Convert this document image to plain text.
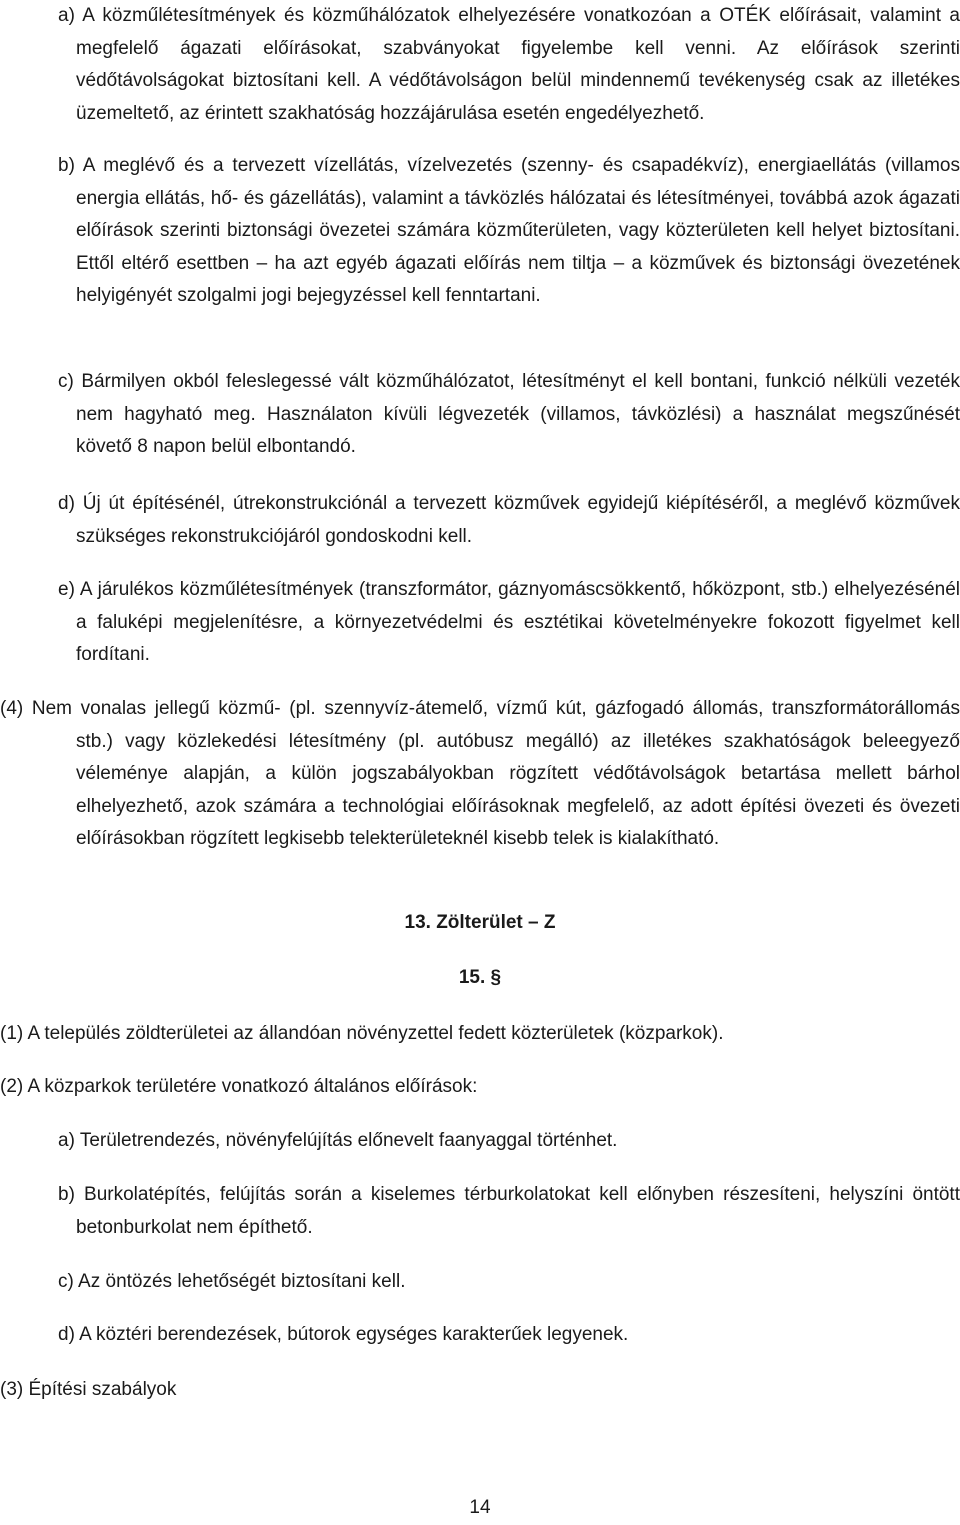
a) A közműlétesítmények és közműhálózatok elhelyezésére vonatkozóan a OTÉK előírásait, valamint a megfelelő ágazati előírásokat, szabványokat figyelembe kell venni. Az előírások szerinti védőtávolságokat biztosítani kell. A védőtávolságon belül mindennemű tevékenység csak az illetékes üzemeltető, az érintett szakhatóság hozzájárulása esetén engedélyezhető.

b) A meglévő és a tervezett vízellátás, vízelvezetés (szenny- és csapadékvíz), energiaellátás (villamos energia ellátás, hő- és gázellátás), valamint a távközlés hálózatai és létesítményei, továbbá azok ágazati előírások szerinti biztonsági övezetei számára közműterületen, vagy közterületen kell helyet biztosítani. Ettől eltérő esettben – ha azt egyéb ágazati előírás nem tiltja – a közművek és biztonsági övezetének helyigényét szolgalmi jogi bejegyzéssel kell fenntartani.

c) Bármilyen okból feleslegessé vált közműhálózatot, létesítményt el kell bontani, funkció nélküli vezeték nem hagyható meg. Használaton kívüli légvezeték (villamos, távközlési) a használat megszűnését követő 8 napon belül elbontandó.

d) Új út építésénél, útrekonstrukciónál a tervezett közművek egyidejű kiépítéséről, a meglévő közművek szükséges rekonstrukciójáról gondoskodni kell.

e) A járulékos közműlétesítmények (transzformátor, gáznyomáscsökkentő, hőközpont, stb.) elhelyezésénél a faluképi megjelenítésre, a környezetvédelmi és esztétikai követelményekre fokozott figyelmet kell fordítani.

(4) Nem vonalas jellegű közmű- (pl. szennyvíz-átemelő, vízmű kút, gázfogadó állomás, transzformátorállomás stb.) vagy közlekedési létesítmény (pl. autóbusz megálló) az illetékes szakhatóságok beleegyező véleménye alapján, a külön jogszabályokban rögzített védőtávolságok betartása mellett bárhol elhelyezhető, azok számára a technológiai előírásoknak megfelelő, az adott építési övezeti és övezeti előírásokban rögzített legkisebb telekterületeknél kisebb telek is kialakítható.

13. Zölterület – Z
15. §

(1) A település zöldterületei az állandóan növényzettel fedett közterületek (közparkok).

(2) A közparkok területére vonatkozó általános előírások:

a) Területrendezés, növényfelújítás előnevelt faanyaggal történhet.

b) Burkolatépítés, felújítás során a kiselemes térburkolatokat kell előnyben részesíteni, helyszíni öntött betonburkolat nem építhető.

c) Az öntözés lehetőségét biztosítani kell.

d) A köztéri berendezések, bútorok egységes karakterűek legyenek.

(3) Építési szabályok

14
